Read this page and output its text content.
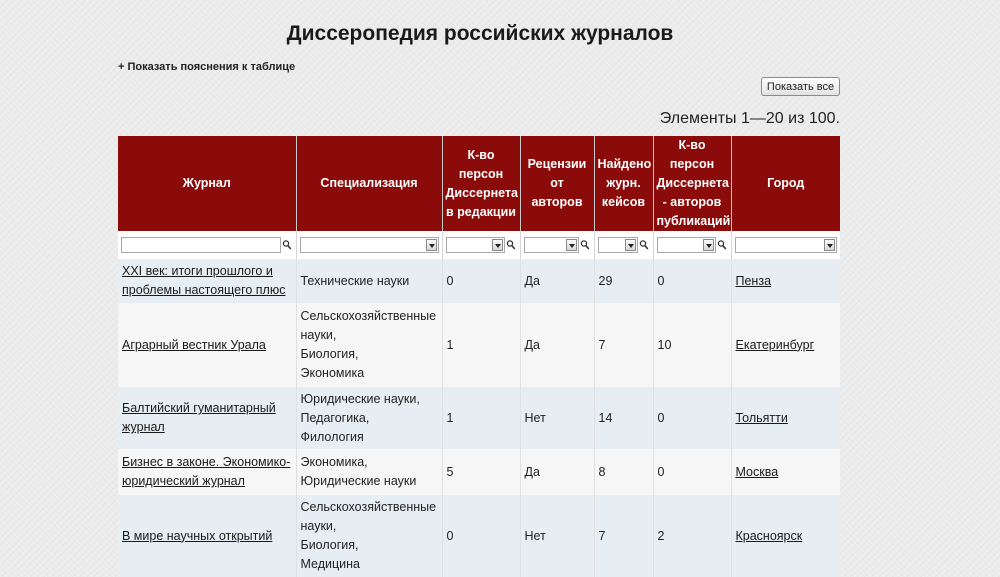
Диссеропедия российских журналов
+ Показать пояснения к таблице
Показать все
Элементы 1—20 из 100.
Журнал	Специализация	К-во персон Диссернета в редакции	Рецензии от авторов	Найдено журн. кейсов	К-во персон Диссернета - авторов публикаций	Город

XXI век: итоги прошлого и проблемы настоящего плюс	Технические науки	0	Да	29	0	Пенза
Аграрный вестник Урала	Сельскохозяйственные науки,
Биология,
Экономика	1	Да	7	10	Екатеринбург
Балтийский гуманитарный журнал	Юридические науки,
Педагогика,
Филология	1	Нет	14	0	Тольятти
Бизнес в законе. Экономико-юридический журнал	Экономика,
Юридические науки	5	Да	8	0	Москва
В мире научных открытий	Сельскохозяйственные науки,
Биология,
Медицина	0	Нет	7	2	Красноярск
